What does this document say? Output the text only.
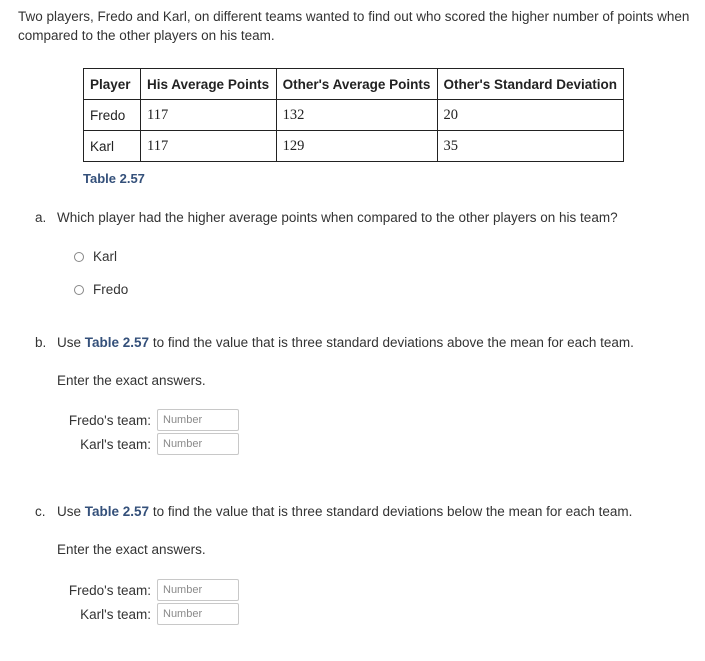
Two players, Fredo and Karl, on different teams wanted to find out who scored the higher number of points when compared to the other players on his team.
Player	His Average Points	Other's Average Points	Other's Standard Deviation
Fredo	117	132	20
Karl	117	129	35
Table 2.57
a. Which player had the higher average points when compared to the other players on his team?
Karl
Fredo
b. Use Table 2.57 to find the value that is three standard deviations above the mean for each team.
Enter the exact answers.
Fredo's team:
Number
Karl's team:
Number
c. Use Table 2.57 to find the value that is three standard deviations below the mean for each team.
Enter the exact answers.
Fredo's team:
Number
Karl's team:
Number
